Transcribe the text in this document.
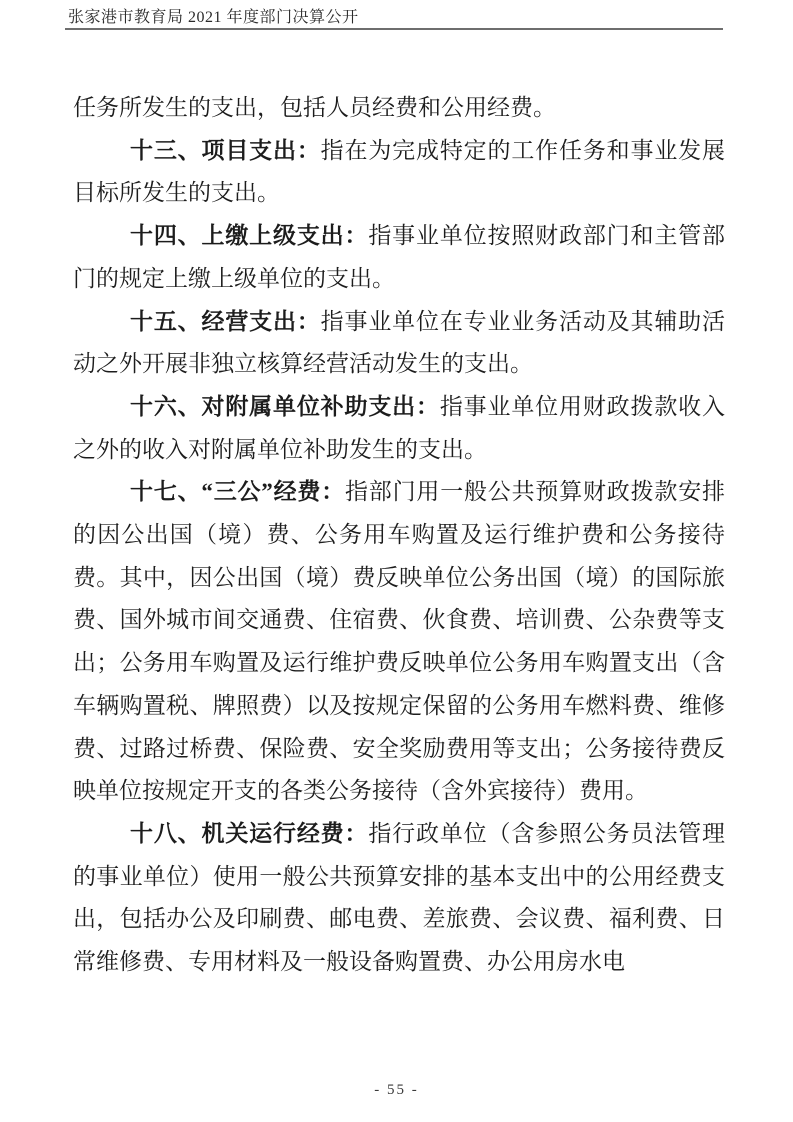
张家港市教育局 2021 年度部门决算公开

任务所发生的支出，包括人员经费和公用经费。

十三、项目支出：指在为完成特定的工作任务和事业发展目标所发生的支出。

十四、上缴上级支出：指事业单位按照财政部门和主管部门的规定上缴上级单位的支出。

十五、经营支出：指事业单位在专业业务活动及其辅助活动之外开展非独立核算经营活动发生的支出。

十六、对附属单位补助支出：指事业单位用财政拨款收入之外的收入对附属单位补助发生的支出。

十七、“三公”经费：指部门用一般公共预算财政拨款安排的因公出国（境）费、公务用车购置及运行维护费和公务接待费。其中，因公出国（境）费反映单位公务出国（境）的国际旅费、国外城市间交通费、住宿费、伙食费、培训费、公杂费等支出；公务用车购置及运行维护费反映单位公务用车购置支出（含车辆购置税、牌照费）以及按规定保留的公务用车燃料费、维修费、过路过桥费、保险费、安全奖励费用等支出；公务接待费反映单位按规定开支的各类公务接待（含外宾接待）费用。

十八、机关运行经费：指行政单位（含参照公务员法管理的事业单位）使用一般公共预算安排的基本支出中的公用经费支出，包括办公及印刷费、邮电费、差旅费、会议费、福利费、日常维修费、专用材料及一般设备购置费、办公用房水电

- 55 -
